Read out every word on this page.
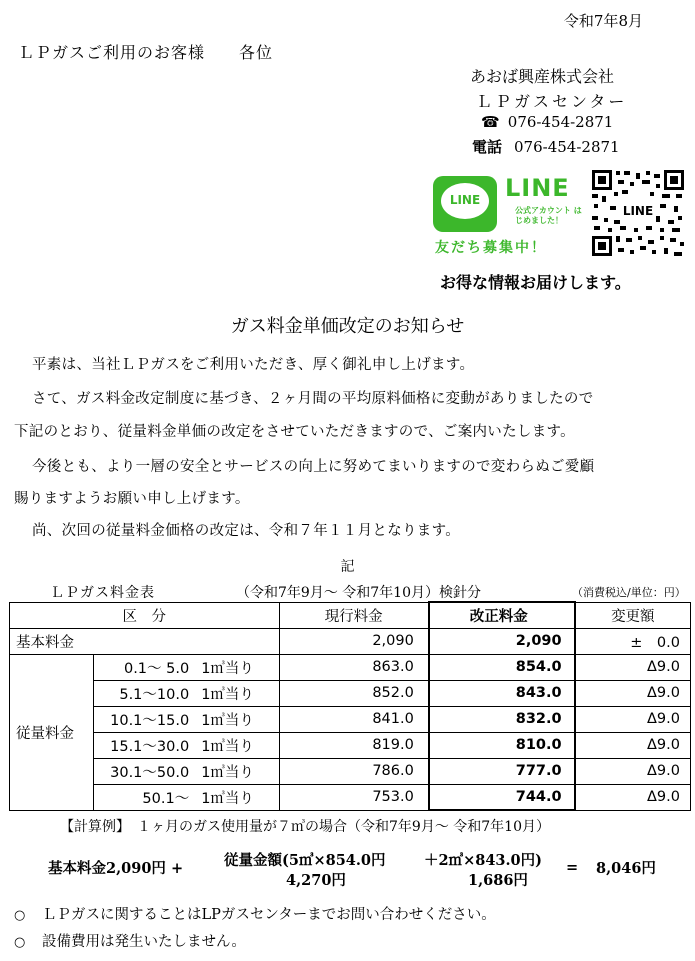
令和7年8月
ＬＰガスご利用のお客様　　各位
あおば興産株式会社
ＬＰガスセンター
☎ 076-454-2871
電話 076-454-2871
LINE	LINE
公式アカウント はじめました！
友だち募集中！
LINE
お得な情報お届けします。
ガス料金単価改定のお知らせ
平素は、当社ＬＰガスをご利用いただき、厚く御礼申し上げます。
さて、ガス料金改定制度に基づき、２ヶ月間の平均原料価格に変動がありましたので
下記のとおり、従量料金単価の改定をさせていただきますので、ご案内いたします。
今後とも、より一層の安全とサービスの向上に努めてまいりますので変わらぬご愛顧
賜りますようお願い申し上げます。
尚、次回の従量料金価格の改定は、令和７年１１月となります。
記
ＬＰガス料金表	（令和7年9月～ 令和7年10月）検針分	（消費税込/単位：円）
区　分			現行料金	改正料金	変更額
基本料金			2,090	2,090	±　0.0
従量料金	0.1～ 5.0	1㎥当り	863.0	854.0	Δ9.0
	5.1～10.0	1㎥当り	852.0	843.0	Δ9.0
	10.1～15.0	1㎥当り	841.0	832.0	Δ9.0
	15.1～30.0	1㎥当り	819.0	810.0	Δ9.0
	30.1～50.0	1㎥当り	786.0	777.0	Δ9.0
	50.1～	1㎥当り	753.0	744.0	Δ9.0
【計算例】　１ヶ月のガス使用量が７㎥の場合（令和7年9月～ 令和7年10月）
基本料金2,090円 +	従量金額(5㎥×854.0円
4,270円
＋2㎥×843.0円)
1,686円
= 8,046円
○ ＬＰガスに関することはLPガスセンターまでお問い合わせください。
○ 設備費用は発生いたしません。
